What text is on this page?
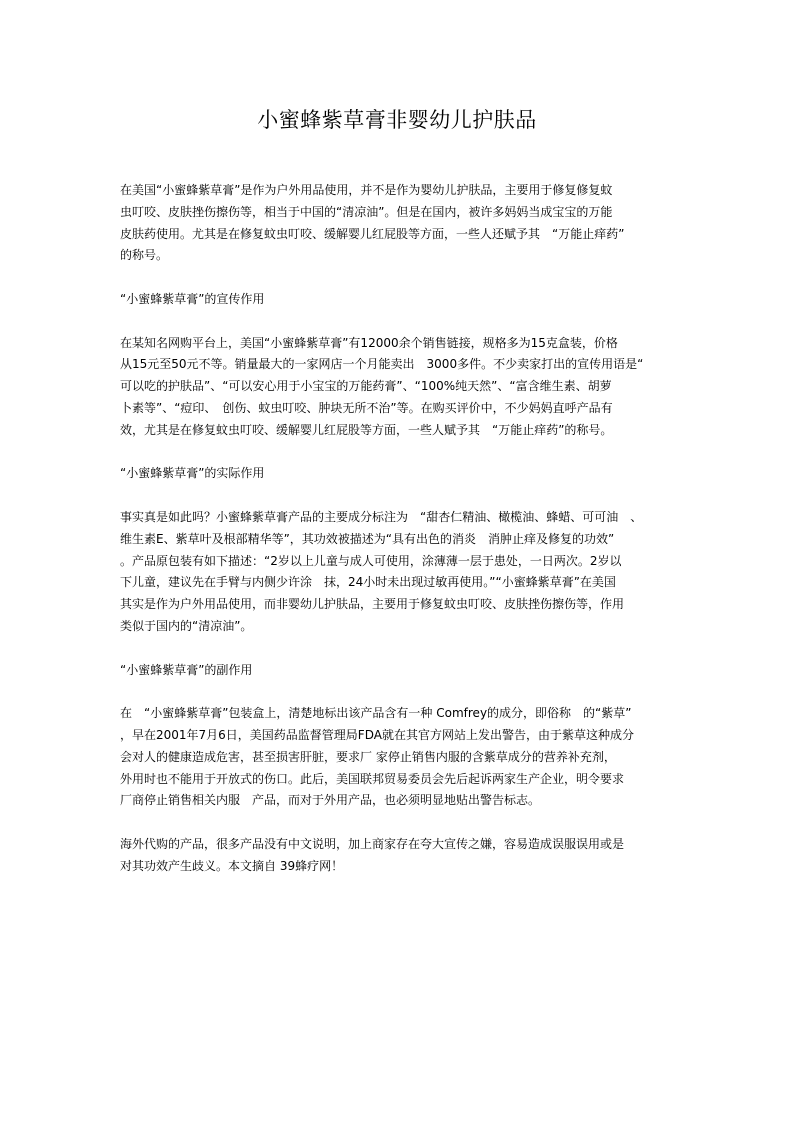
小蜜蜂紫草膏非婴幼儿护肤品
在美国“小蜜蜂紫草膏”是作为户外用品使用，并不是作为婴幼儿护肤品，主要用于修复修复蚊
虫叮咬、皮肤挫伤擦伤等，相当于中国的“清凉油”。但是在国内，被许多妈妈当成宝宝的万能
皮肤药使用。尤其是在修复蚊虫叮咬、缓解婴儿红屁股等方面，一些人还赋予其　“万能止痒药”
的称号。
“小蜜蜂紫草膏”的宣传作用
在某知名网购平台上，美国“小蜜蜂紫草膏”有12000余个销售链接，规格多为15克盒装，价格
从15元至50元不等。销量最大的一家网店一个月能卖出　3000多件。不少卖家打出的宣传用语是“
可以吃的护肤品”、“可以安心用于小宝宝的万能药膏”、“100%纯天然”、“富含维生素、胡萝
卜素等”、“痘印、　创伤、蚊虫叮咬、肿块无所不治”等。在购买评价中，不少妈妈直呼产品有
效，尤其是在修复蚊虫叮咬、缓解婴儿红屁股等方面，一些人赋予其　“万能止痒药”的称号。
“小蜜蜂紫草膏”的实际作用
事实真是如此吗？小蜜蜂紫草膏产品的主要成分标注为　“甜杏仁精油、橄榄油、蜂蜡、可可油　、
维生素E、紫草叶及根部精华等”，其功效被描述为“具有出色的消炎　消肿止痒及修复的功效”
。产品原包装有如下描述：“2岁以上儿童与成人可使用，涂薄薄一层于患处，一日两次。2岁以
下儿童，建议先在手臂与内侧少许涂　抹，24小时未出现过敏再使用。”“小蜜蜂紫草膏”在美国
其实是作为户外用品使用，而非婴幼儿护肤品，主要用于修复蚊虫叮咬、皮肤挫伤擦伤等，作用
类似于国内的“清凉油”。
“小蜜蜂紫草膏”的副作用
在　“小蜜蜂紫草膏”包装盒上，清楚地标出该产品含有一种 Comfrey的成分，即俗称　的“紫草”
，早在2001年7月6日，美国药品监督管理局FDA就在其官方网站上发出警告，由于紫草这种成分
会对人的健康造成危害，甚至损害肝脏，要求厂 家停止销售内服的含紫草成分的营养补充剂，
外用时也不能用于开放式的伤口。此后，美国联邦贸易委员会先后起诉两家生产企业，明令要求
厂商停止销售相关内服　产品，而对于外用产品，也必须明显地贴出警告标志。
海外代购的产品，很多产品没有中文说明，加上商家存在夸大宣传之嫌，容易造成误服误用或是
对其功效产生歧义。本文摘自 39蜂疗网！
